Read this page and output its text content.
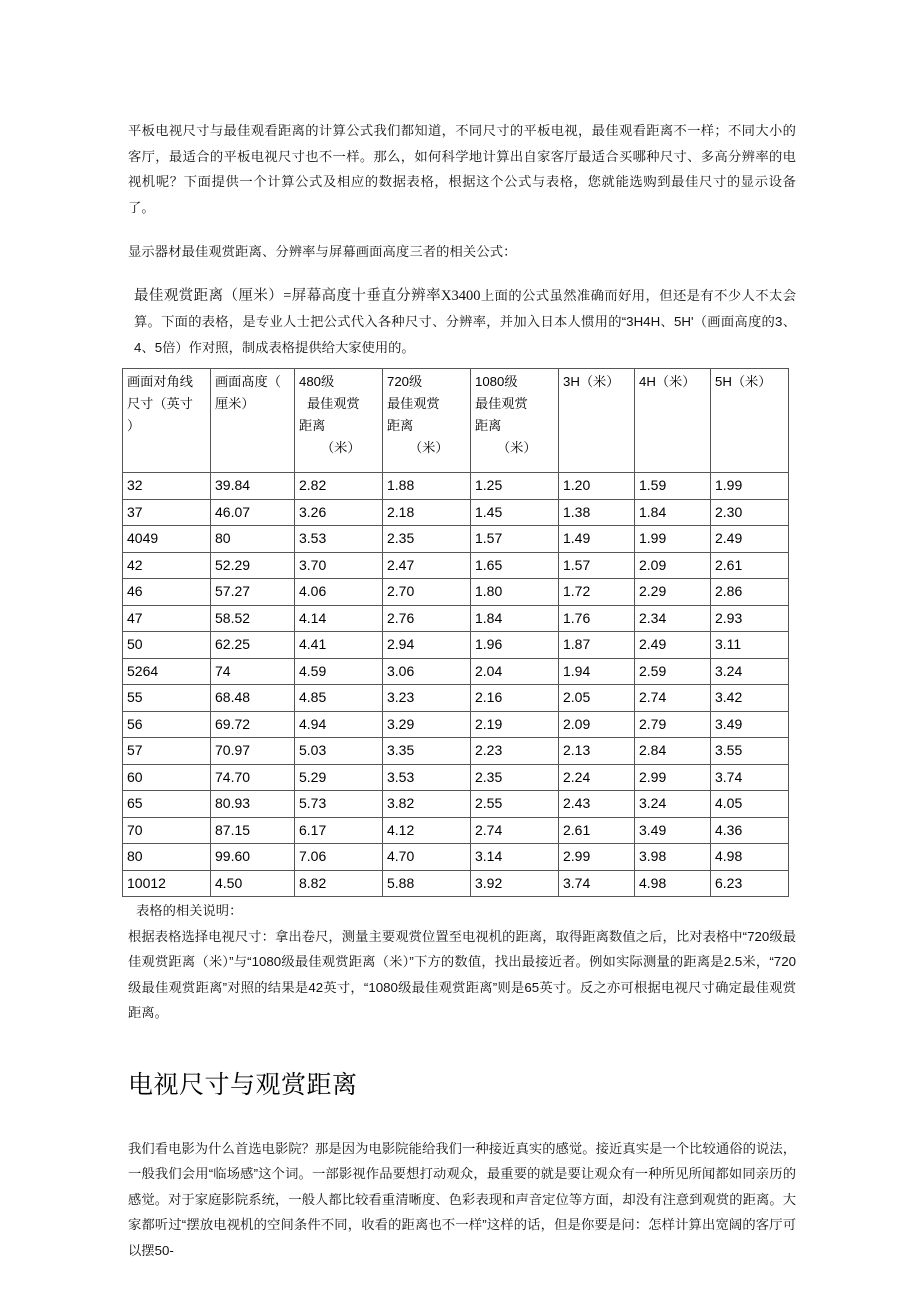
平板电视尺寸与最佳观看距离的计算公式我们都知道，不同尺寸的平板电视，最佳观看距离不一样；不同大小的客厅，最适合的平板电视尺寸也不一样。那么，如何科学地计算出自家客厅最适合买哪种尺寸、多高分辨率的电视机呢？下面提供一个计算公式及相应的数据表格，根据这个公式与表格，您就能选购到最佳尺寸的显示设备了。

显示器材最佳观赏距离、分辨率与屏幕画面高度三者的相关公式：

最佳观赏距离（厘米）=屏幕高度十垂直分辨率X3400上面的公式虽然准确而好用，但还是有不少人不太会算。下面的表格，是专业人士把公式代入各种尺寸、分辨率，并加入日本人惯用的“3H4H、5H'（画面高度的3、4、5倍）作对照，制成表格提供给大家使用的。

画面对角线
尺寸（英寸
）	画面髙度（
厘米）	480级
最佳观赏
距离
（米）	720级
最佳观赏
距离
（米）	1080级
最佳观赏
距离
（米）	3H（米）	4H（米）	5H（米）

32	39.84	2.82	1.88	1.25	1.20	1.59	1.99
37	46.07	3.26	2.18	1.45	1.38	1.84	2.30
4049	80	3.53	2.35	1.57	1.49	1.99	2.49
42	52.29	3.70	2.47	1.65	1.57	2.09	2.61
46	57.27	4.06	2.70	1.80	1.72	2.29	2.86
47	58.52	4.14	2.76	1.84	1.76	2.34	2.93
50	62.25	4.41	2.94	1.96	1.87	2.49	3.11
5264	74	4.59	3.06	2.04	1.94	2.59	3.24
55	68.48	4.85	3.23	2.16	2.05	2.74	3.42
56	69.72	4.94	3.29	2.19	2.09	2.79	3.49
57	70.97	5.03	3.35	2.23	2.13	2.84	3.55
60	74.70	5.29	3.53	2.35	2.24	2.99	3.74
65	80.93	5.73	3.82	2.55	2.43	3.24	4.05
70	87.15	6.17	4.12	2.74	2.61	3.49	4.36
80	99.60	7.06	4.70	3.14	2.99	3.98	4.98
10012	4.50	8.82	5.88	3.92	3.74	4.98	6.23

表格的相关说明：

根据表格选择电视尺寸：拿出卷尺，测量主要观赏位置至电视机的距离，取得距离数值之后，比对表格中“720级最佳观赏距离（米）”与“1080级最佳观赏距离（米）”下方的数值，找出最接近者。例如实际测量的距离是2.5米，“720级最佳观赏距离”对照的结果是42英寸，“1080级最佳观赏距离”则是65英寸。反之亦可根据电视尺寸确定最佳观赏距离。

电视尺寸与观赏距离

我们看电影为什么首选电影院？那是因为电影院能给我们一种接近真实的感觉。接近真实是一个比较通俗的说法，一般我们会用“临场感”这个词。一部影视作品要想打动观众，最重要的就是要让观众有一种所见所闻都如同亲历的感觉。对于家庭影院系统，一般人都比较看重清晰度、色彩表现和声音定位等方面，却没有注意到观赏的距离。大家都听过“摆放电视机的空间条件不同，收看的距离也不一样”这样的话，但是你要是问：怎样计算出宽阔的客厅可以摆50-
